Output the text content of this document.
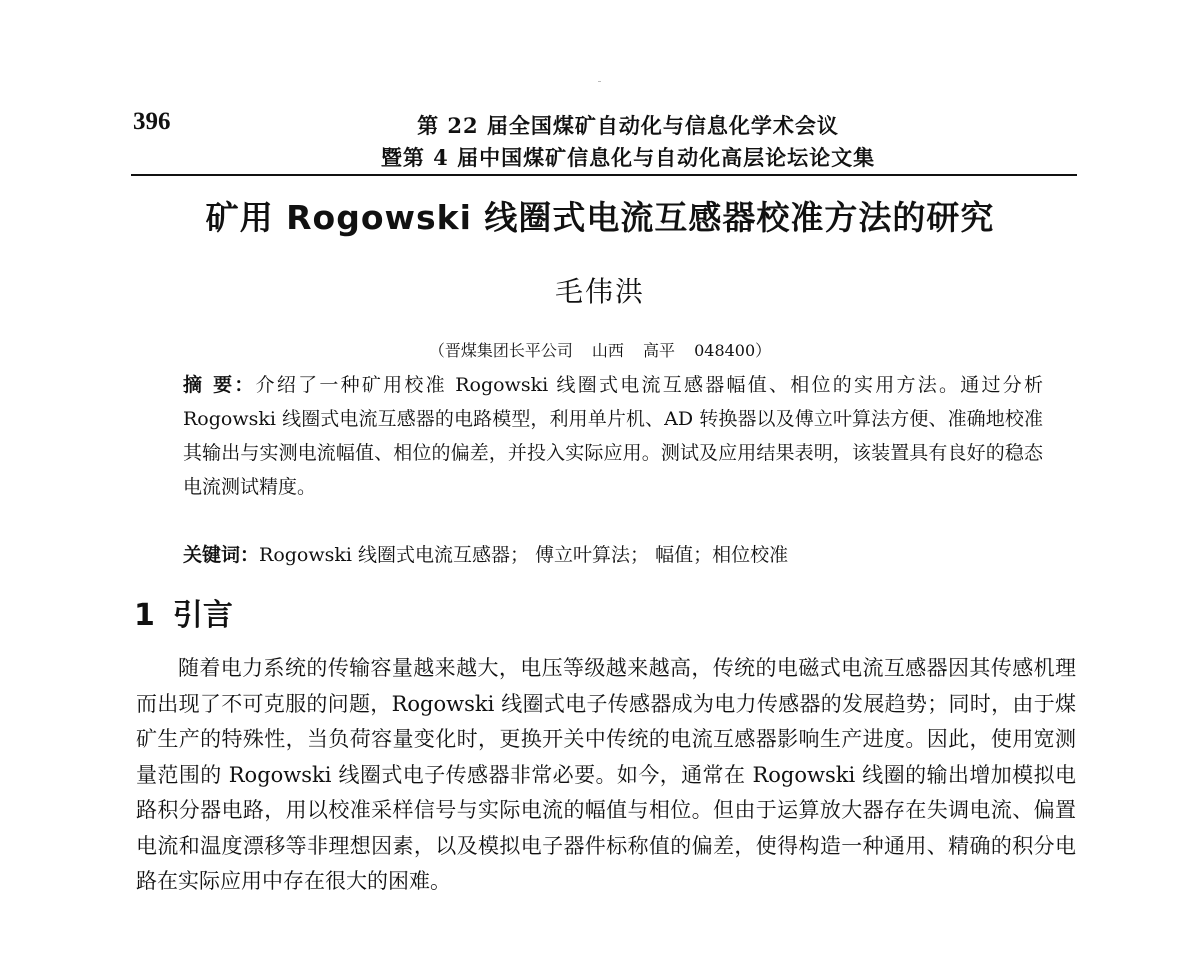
396	第 22 届全国煤矿自动化与信息化学术会议
暨第 4 届中国煤矿信息化与自动化高层论坛论文集
矿用 Rogowski 线圈式电流互感器校准方法的研究
毛伟洪
（晋煤集团长平公司 山西 高平 048400）
摘 要：介绍了一种矿用校准 Rogowski 线圈式电流互感器幅值、相位的实用方法。通过分析 Rogowski 线圈式电流互感器的电路模型，利用单片机、AD 转换器以及傅立叶算法方便、准确地校准其输出与实测电流幅值、相位的偏差，并投入实际应用。测试及应用结果表明，该装置具有良好的稳态电流测试精度。
关键词：Rogowski 线圈式电流互感器； 傅立叶算法； 幅值；相位校准
1 引言
随着电力系统的传输容量越来越大，电压等级越来越高，传统的电磁式电流互感器因其传感机理而出现了不可克服的问题，Rogowski 线圈式电子传感器成为电力传感器的发展趋势；同时，由于煤矿生产的特殊性，当负荷容量变化时，更换开关中传统的电流互感器影响生产进度。因此，使用宽测量范围的 Rogowski 线圈式电子传感器非常必要。如今，通常在 Rogowski 线圈的输出增加模拟电路积分器电路，用以校准采样信号与实际电流的幅值与相位。但由于运算放大器存在失调电流、偏置电流和温度漂移等非理想因素，以及模拟电子器件标称值的偏差，使得构造一种通用、精确的积分电路在实际应用中存在很大的困难。
